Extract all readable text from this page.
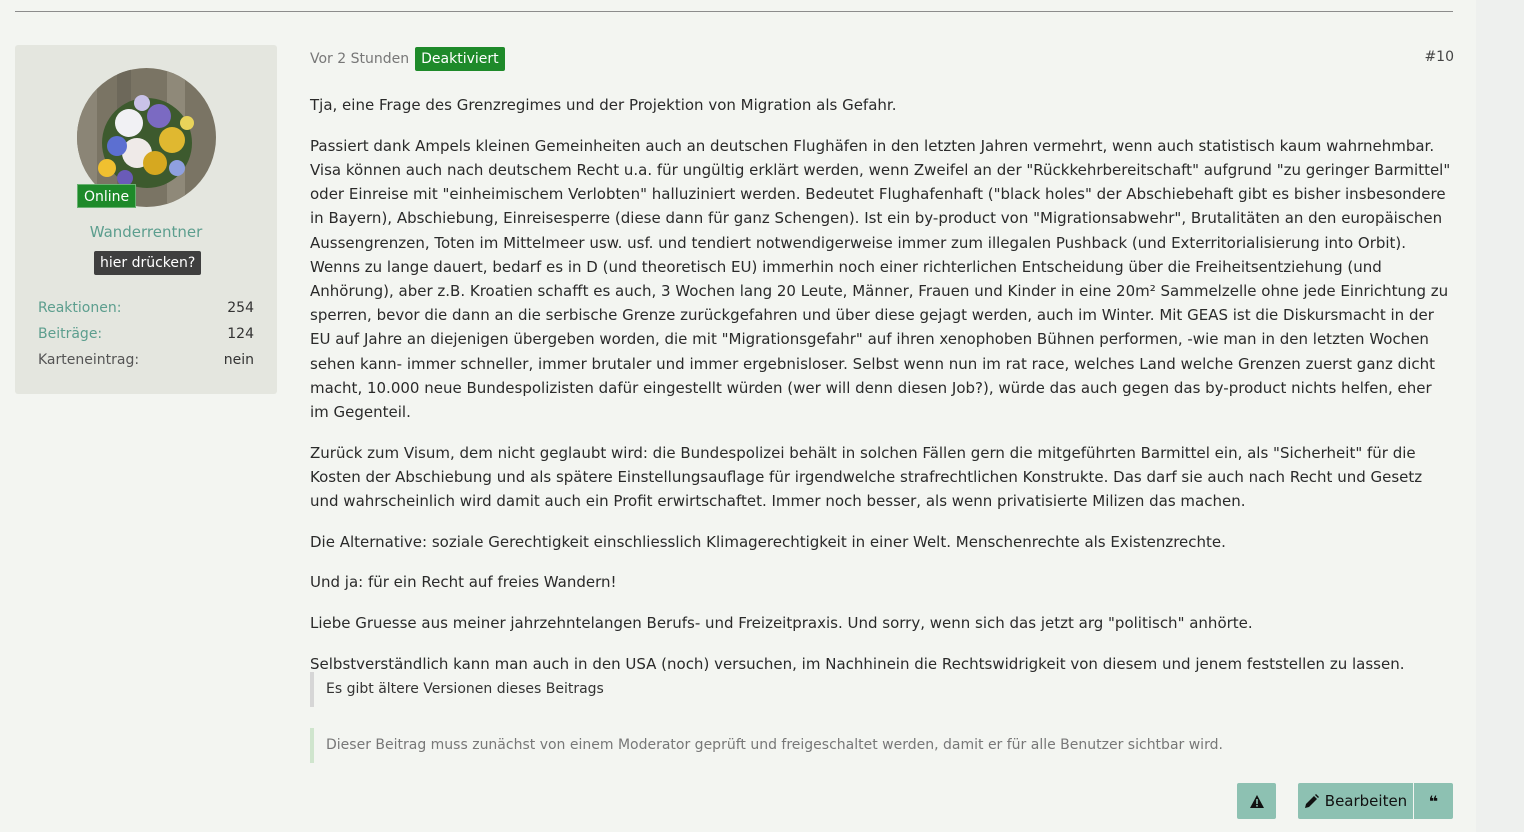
Online
Wanderrentner
hier drücken?
Reaktionen:	254
Beiträge:	124
Karteneintrag:	nein
Vor 2 Stunden Deaktiviert	#10

Tja, eine Frage des Grenzregimes und der Projektion von Migration als Gefahr.

Passiert dank Ampels kleinen Gemeinheiten auch an deutschen Flughäfen in den letzten Jahren vermehrt, wenn auch statistisch kaum wahrnehmbar. Visa können auch nach deutschem Recht u.a. für ungültig erklärt werden, wenn Zweifel an der "Rückkehrbereitschaft" aufgrund "zu geringer Barmittel" oder Einreise mit "einheimischem Verlobten" halluziniert werden. Bedeutet Flughafenhaft ("black holes" der Abschiebehaft gibt es bisher insbesondere in Bayern), Abschiebung, Einreisesperre (diese dann für ganz Schengen). Ist ein by-product von "Migrationsabwehr", Brutalitäten an den europäischen Aussengrenzen, Toten im Mittelmeer usw. usf. und tendiert notwendigerweise immer zum illegalen Pushback (und Exterritorialisierung into Orbit). Wenns zu lange dauert, bedarf es in D (und theoretisch EU) immerhin noch einer richterlichen Entscheidung über die Freiheitsentziehung (und Anhörung), aber z.B. Kroatien schafft es auch, 3 Wochen lang 20 Leute, Männer, Frauen und Kinder in eine 20m² Sammelzelle ohne jede Einrichtung zu sperren, bevor die dann an die serbische Grenze zurückgefahren und über diese gejagt werden, auch im Winter. Mit GEAS ist die Diskursmacht in der EU auf Jahre an diejenigen übergeben worden, die mit "Migrationsgefahr" auf ihren xenophoben Bühnen performen, -wie man in den letzten Wochen sehen kann- immer schneller, immer brutaler und immer ergebnisloser. Selbst wenn nun im rat race, welches Land welche Grenzen zuerst ganz dicht macht, 10.000 neue Bundespolizisten dafür eingestellt würden (wer will denn diesen Job?), würde das auch gegen das by-product nichts helfen, eher im Gegenteil.

Zurück zum Visum, dem nicht geglaubt wird: die Bundespolizei behält in solchen Fällen gern die mitgeführten Barmittel ein, als "Sicherheit" für die Kosten der Abschiebung und als spätere Einstellungsauflage für irgendwelche strafrechtlichen Konstrukte. Das darf sie auch nach Recht und Gesetz und wahrscheinlich wird damit auch ein Profit erwirtschaftet. Immer noch besser, als wenn privatisierte Milizen das machen.

Die Alternative: soziale Gerechtigkeit einschliesslich Klimagerechtigkeit in einer Welt. Menschenrechte als Existenzrechte.

Und ja: für ein Recht auf freies Wandern!

Liebe Gruesse aus meiner jahrzehntelangen Berufs- und Freizeitpraxis. Und sorry, wenn sich das jetzt arg "politisch" anhörte.

Selbstverständlich kann man auch in den USA (noch) versuchen, im Nachhinein die Rechtswidrigkeit von diesem und jenem feststellen zu lassen.

Es gibt ältere Versionen dieses Beitrags
Dieser Beitrag muss zunächst von einem Moderator geprüft und freigeschaltet werden, damit er für alle Benutzer sichtbar wird.
Bearbeiten ❝
